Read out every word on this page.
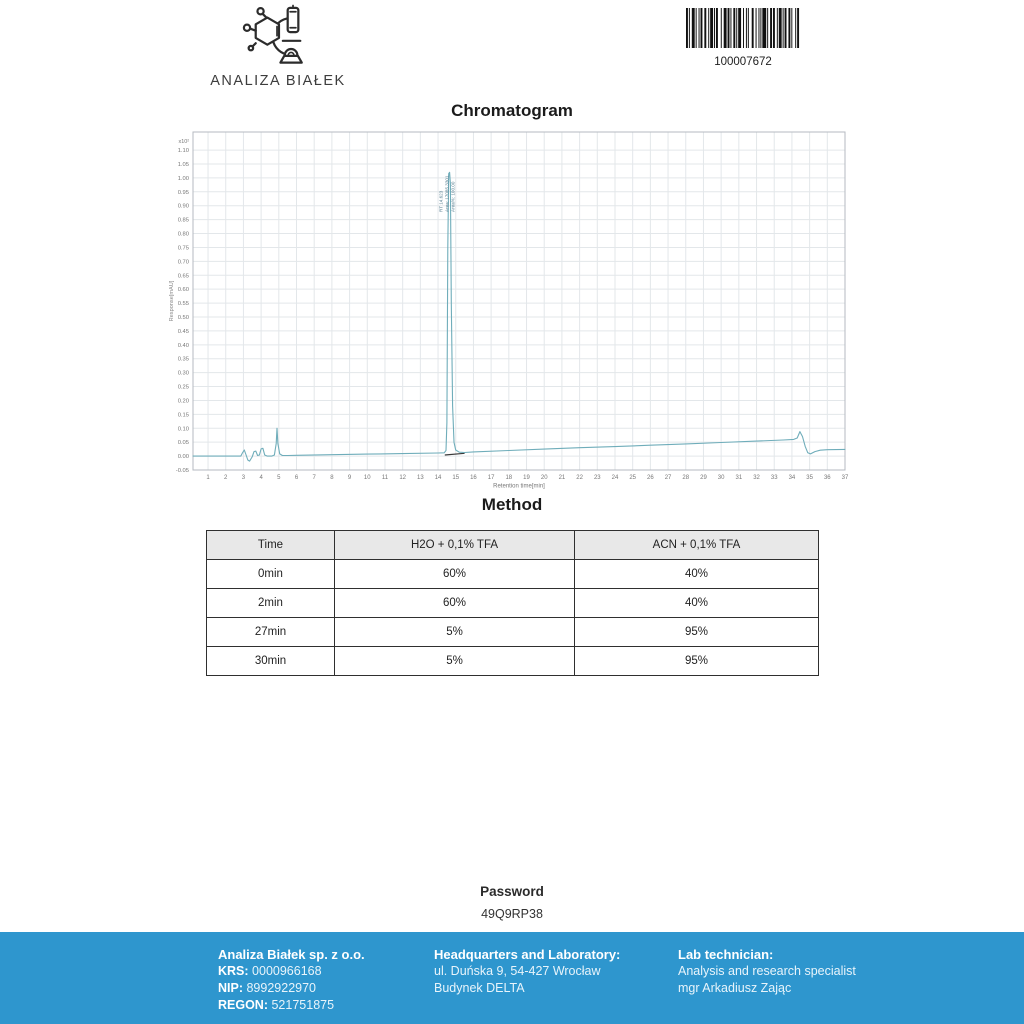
ANALIZA BIAŁEK
100007672
Chromatogram
1.10
1.05
1.00
0.95
0.90
0.85
0.80
0.75
0.70
0.65
0.60
0.55
0.50
0.45
0.40
0.35
0.30
0.25
0.20
0.15
0.10
0.05
0.00
-0.05
x10²
1 2 3 4 5 6 7 8 9 10 11 12 13 14 15 16 17 18 19 20 21 22 23 24 25 26 27 28 29 30 31 32 33 34 35 36 37
Retention time[min]
Response[mAU]
RT 14.623 Area: 17085.3301 Area%: 100.00
Method
Time	H2O + 0,1% TFA	ACN + 0,1% TFA
0min	60%	40%
2min	60%	40%
27min	5%	95%
30min	5%	95%
Password
49Q9RP38
Analiza Białek sp. z o.o.
KRS: 0000966168
NIP: 8992922970
REGON: 521751875
Headquarters and Laboratory:
ul. Duńska 9, 54-427 Wrocław
Budynek DELTA
Lab technician:
Analysis and research specialist
mgr Arkadiusz Zając
